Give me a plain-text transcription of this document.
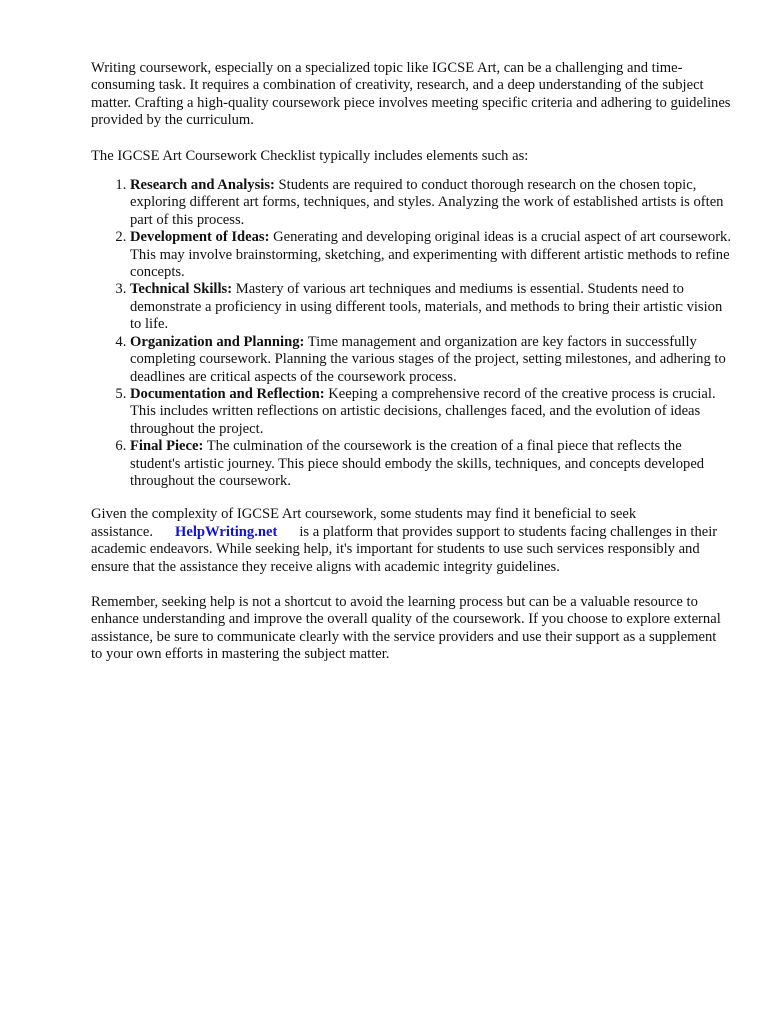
Writing coursework, especially on a specialized topic like IGCSE Art, can be a challenging and time-consuming task. It requires a combination of creativity, research, and a deep understanding of the subject matter. Crafting a high-quality coursework piece involves meeting specific criteria and adhering to guidelines provided by the curriculum.

The IGCSE Art Coursework Checklist typically includes elements such as:

1. Research and Analysis: Students are required to conduct thorough research on the chosen topic, exploring different art forms, techniques, and styles. Analyzing the work of established artists is often part of this process.
2. Development of Ideas: Generating and developing original ideas is a crucial aspect of art coursework. This may involve brainstorming, sketching, and experimenting with different artistic methods to refine concepts.
3. Technical Skills: Mastery of various art techniques and mediums is essential. Students need to demonstrate a proficiency in using different tools, materials, and methods to bring their artistic vision to life.
4. Organization and Planning: Time management and organization are key factors in successfully completing coursework. Planning the various stages of the project, setting milestones, and adhering to deadlines are critical aspects of the coursework process.
5. Documentation and Reflection: Keeping a comprehensive record of the creative process is crucial. This includes written reflections on artistic decisions, challenges faced, and the evolution of ideas throughout the project.
6. Final Piece: The culmination of the coursework is the creation of a final piece that reflects the student's artistic journey. This piece should embody the skills, techniques, and concepts developed throughout the coursework.

Given the complexity of IGCSE Art coursework, some students may find it beneficial to seek assistance. HelpWriting.net is a platform that provides support to students facing challenges in their academic endeavors. While seeking help, it's important for students to use such services responsibly and ensure that the assistance they receive aligns with academic integrity guidelines.

Remember, seeking help is not a shortcut to avoid the learning process but can be a valuable resource to enhance understanding and improve the overall quality of the coursework. If you choose to explore external assistance, be sure to communicate clearly with the service providers and use their support as a supplement to your own efforts in mastering the subject matter.
